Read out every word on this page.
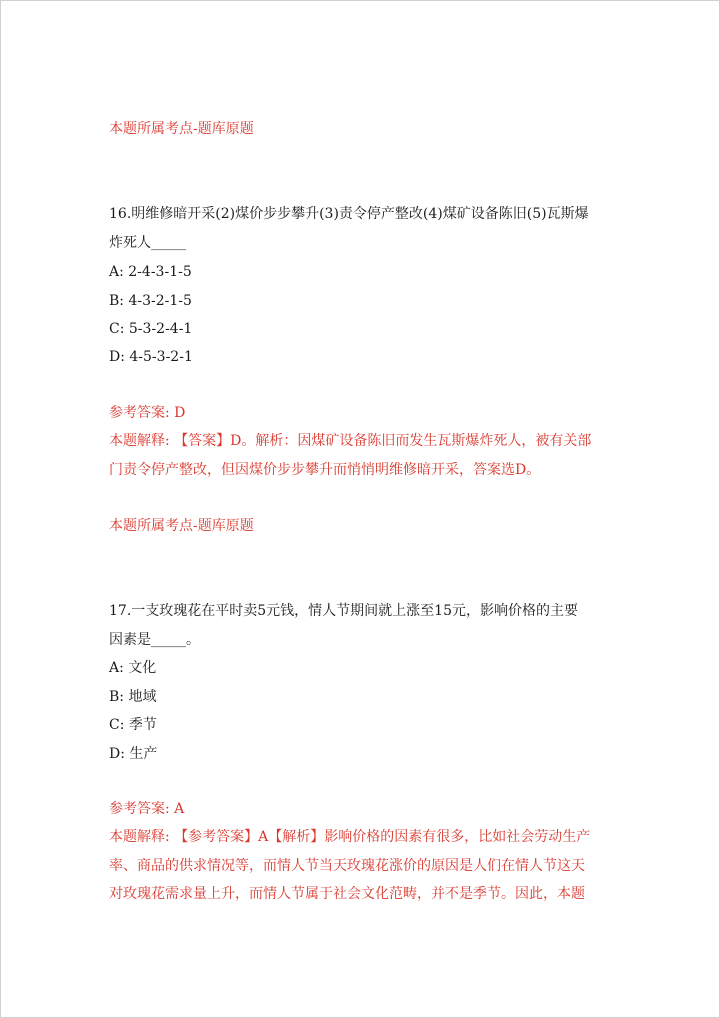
本题所属考点-题库原题

16.明维修暗开采(2)煤价步步攀升(3)责令停产整改(4)煤矿设备陈旧(5)瓦斯爆

炸死人_____

A: 2-4-3-1-5

B: 4-3-2-1-5

C: 5-3-2-4-1

D: 4-5-3-2-1

参考答案: D

本题解释: 【答案】D。解析：因煤矿设备陈旧而发生瓦斯爆炸死人，被有关部

门责令停产整改，但因煤价步步攀升而悄悄明维修暗开采，答案选D。

本题所属考点-题库原题

17.一支玫瑰花在平时卖5元钱，情人节期间就上涨至15元，影响价格的主要

因素是_____。

A: 文化

B: 地域

C: 季节

D: 生产

参考答案: A

本题解释: 【参考答案】A【解析】影响价格的因素有很多，比如社会劳动生产

率、商品的供求情况等，而情人节当天玫瑰花涨价的原因是人们在情人节这天

对玫瑰花需求量上升，而情人节属于社会文化范畴，并不是季节。因此，本题
